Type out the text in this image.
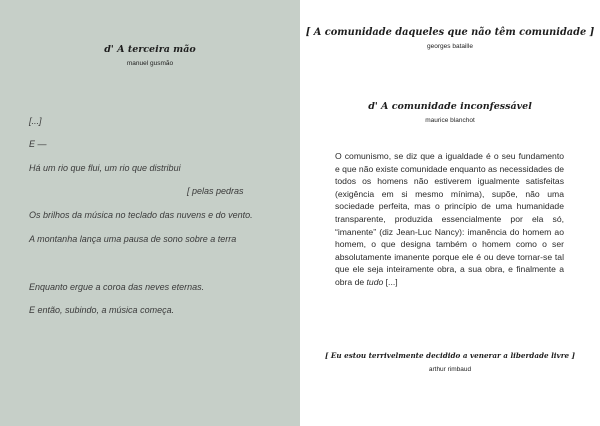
d' A terceira mão
manuel gusmão
[...]
E —
Há um rio que flui, um rio que distribui
[ pelas pedras
Os brilhos da música no teclado das nuvens e do vento.
A montanha lança uma pausa de sono sobre a terra
Enquanto ergue a coroa das neves eternas.
E então, subindo, a música começa.
[ A comunidade daqueles que não têm comunidade ]
georges bataille
d' A comunidade inconfessável
maurice blanchot
O comunismo, se diz que a igualdade é o seu fundamento e que não existe comunidade enquanto as necessidades de todos os homens não estiverem igualmente satisfeitas (exigência em si mesmo mínima), supõe, não uma sociedade perfeita, mas o princípio de uma humanidade transparente, produzida essencialmente por ela só, “imanente” (diz Jean-Luc Nancy): imanência do homem ao homem, o que designa também o homem como o ser absolutamente imanente porque ele é ou deve tornar-se tal que ele seja inteiramente obra, a sua obra, e finalmente a obra de tudo [...]
[ Eu estou terrivelmente decidido a venerar a liberdade livre ]
arthur rimbaud
